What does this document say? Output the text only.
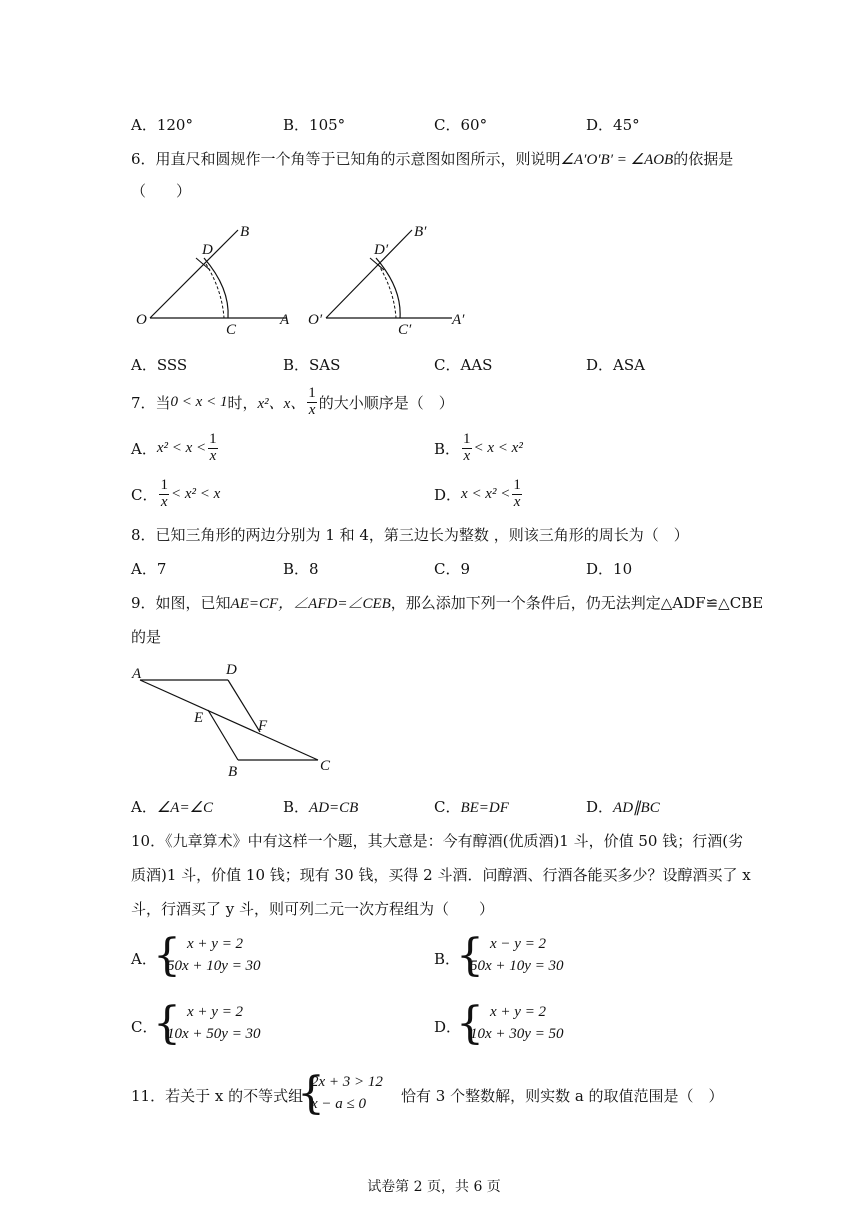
A．120°	B．105°	C．60°	D．45°
6．用直尺和圆规作一个角等于已知角的示意图如图所示，则说明∠A′O′B′ = ∠AOB的依据是
（　　）
B
D
O
C
A
B′
D′
O′
C′
A′
A．SSS	B．SAS	C．AAS	D．ASA
7．当 0 < x < 1 时， x²、x、 $\frac{1}{x}$ 的大小顺序是（　）
A． $x^2 < x < \frac{1}{x}$	B． $\frac{1}{x} < x < x^2$
C． $\frac{1}{x} < x^2 < x$	D． $x < x^2 < \frac{1}{x}$
8．已知三角形的两边分别为 1 和 4，第三边长为整数 ，则该三角形的周长为（　）
A．7	B．8	C．9	D．10
9．如图，已知AE=CF，∠AFD=∠CEB，那么添加下列一个条件后，仍无法判定△ADF≌△CBE
的是
A	D
E	F
B	C
A．∠A=∠C	B．AD=CB	C．BE=DF	D．AD∥BC
10．《九章算术》中有这样一个题，其大意是：今有醇酒(优质酒)1 斗，价值 50 钱；行酒(劣
质酒)1 斗，价值 10 钱；现有 30 钱，买得 2 斗酒．问醇酒、行酒各能买多少？设醇酒买了 x
斗，行酒买了 y 斗，则可列二元一次方程组为（　　）
A．
{ x + y = 2
50x + 10y = 30	B．
{ x − y = 2
50x + 10y = 30
C．
{ x + y = 2
10x + 50y = 30	D．
{ x + y = 2
10x + 30y = 50
11．若关于 x 的不等式组
{
2x + 3 > 12
x − a ≤ 0 恰有 3 个整数解，则实数 a 的取值范围是（　）
试卷第 2 页，共 6 页
